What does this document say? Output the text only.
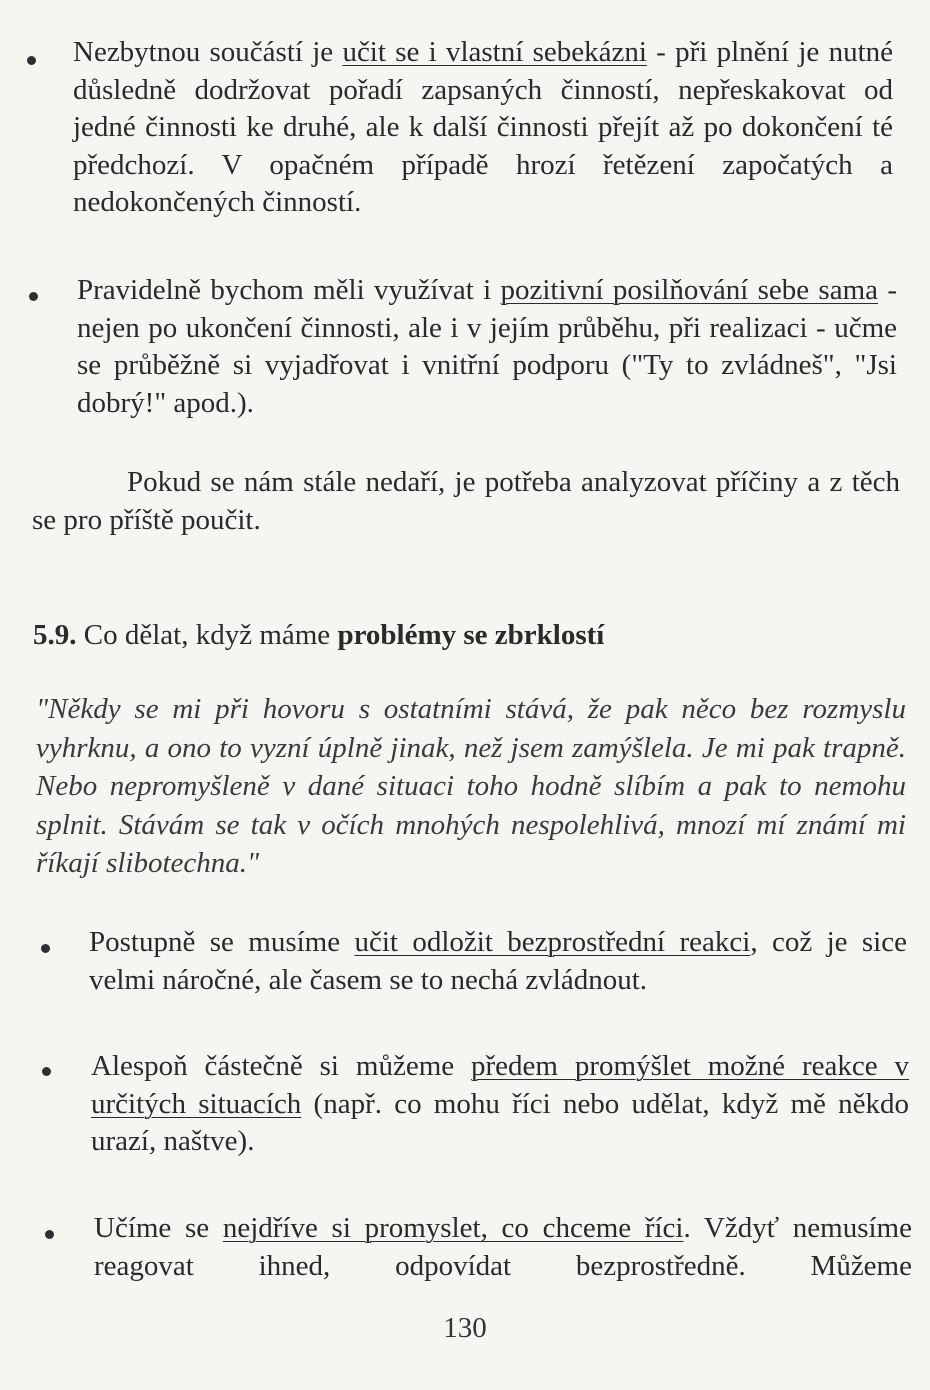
Nezbytnou součástí je učit se i vlastní sebekázni - při plnění je nutné důsledně dodržovat pořadí zapsaných činností, nepřeskakovat od jedné činnosti ke druhé, ale k další činnosti přejít až po dokončení té předchozí. V opačném případě hrozí řetězení započatých a nedokončených činností.
Pravidelně bychom měli využívat i pozitivní posilňování sebe sama - nejen po ukončení činnosti, ale i v jejím průběhu, při realizaci - učme se průběžně si vyjadřovat i vnitřní podporu ("Ty to zvládneš", "Jsi dobrý!" apod.).
Pokud se nám stále nedaří, je potřeba analyzovat příčiny a z těch se pro příště poučit.
5.9. Co dělat, když máme problémy se zbrklostí
"Někdy se mi při hovoru s ostatními stává, že pak něco bez rozmyslu vyhrknu, a ono to vyzní úplně jinak, než jsem zamýšlela. Je mi pak trapně. Nebo nepromyšleně v dané situaci toho hodně slíbím a pak to nemohu splnit. Stávám se tak v očích mnohých nespolehlivá, mnozí mí známí mi říkají slibotechna."
Postupně se musíme učit odložit bezprostřední reakci, což je sice velmi náročné, ale časem se to nechá zvládnout.
Alespoň částečně si můžeme předem promýšlet možné reakce v určitých situacích (např. co mohu říci nebo udělat, když mě někdo urazí, naštve).
Učíme se nejdříve si promyslet, co chceme říci. Vždyť nemusíme reagovat ihned, odpovídat bezprostředně. Můžeme
130
